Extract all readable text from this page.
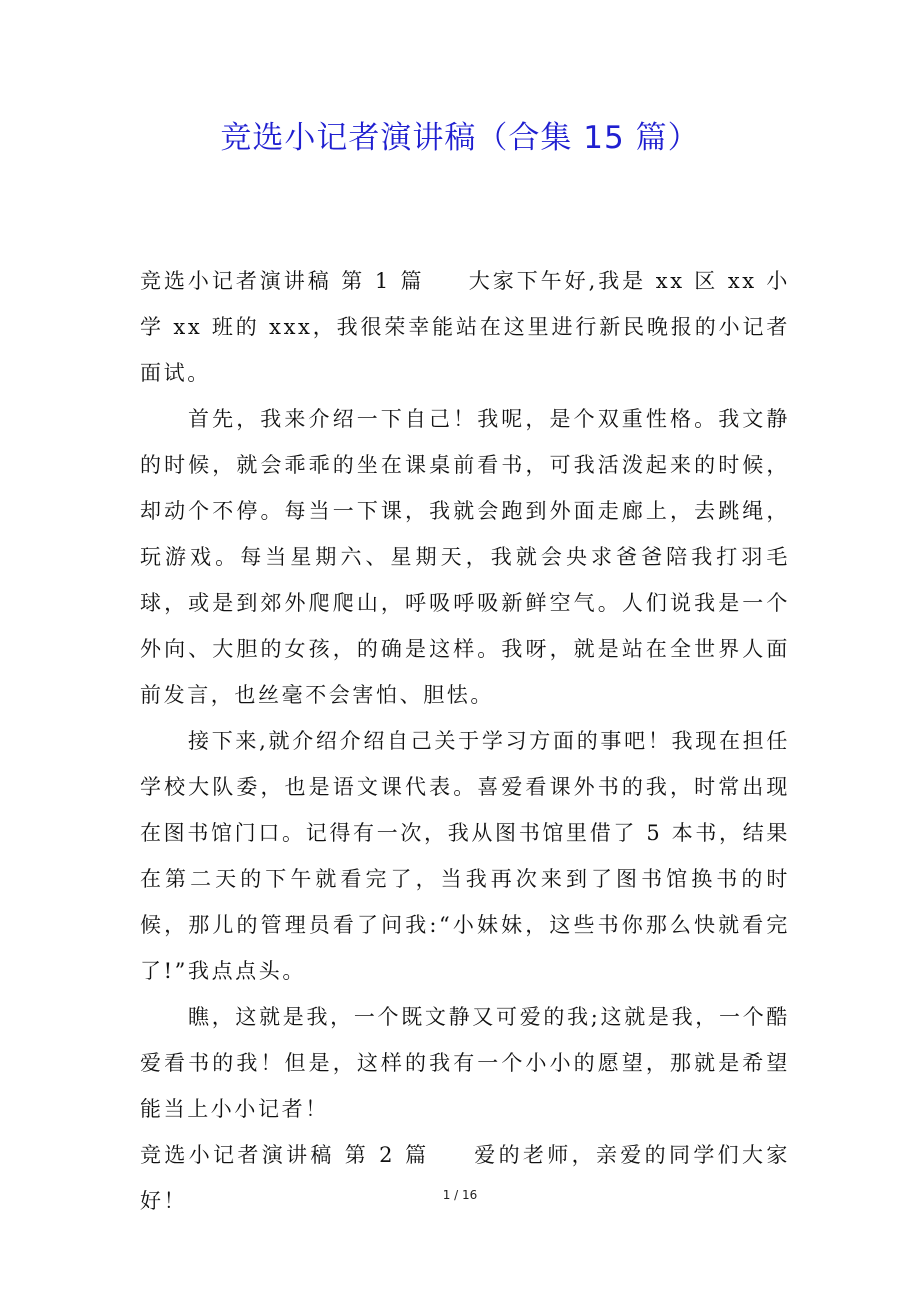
竞选小记者演讲稿（合集 15 篇）

竞选小记者演讲稿 第 1 篇 大家下午好,我是 xx 区 xx 小学 xx 班的 xxx，我很荣幸能站在这里进行新民晚报的小记者面试。

首先，我来介绍一下自己！我呢，是个双重性格。我文静的时候，就会乖乖的坐在课桌前看书，可我活泼起来的时候，却动个不停。每当一下课，我就会跑到外面走廊上，去跳绳，玩游戏。每当星期六、星期天，我就会央求爸爸陪我打羽毛球，或是到郊外爬爬山，呼吸呼吸新鲜空气。人们说我是一个外向、大胆的女孩，的确是这样。我呀，就是站在全世界人面前发言，也丝毫不会害怕、胆怯。

接下来,就介绍介绍自己关于学习方面的事吧！我现在担任学校大队委，也是语文课代表。喜爱看课外书的我，时常出现在图书馆门口。记得有一次，我从图书馆里借了 5 本书，结果在第二天的下午就看完了，当我再次来到了图书馆换书的时候，那儿的管理员看了问我:“小妹妹，这些书你那么快就看完了!”我点点头。

瞧，这就是我，一个既文静又可爱的我;这就是我，一个酷爱看书的我！但是，这样的我有一个小小的愿望，那就是希望能当上小小记者！

竞选小记者演讲稿 第 2 篇 爱的老师，亲爱的同学们大家好！	1 / 16
